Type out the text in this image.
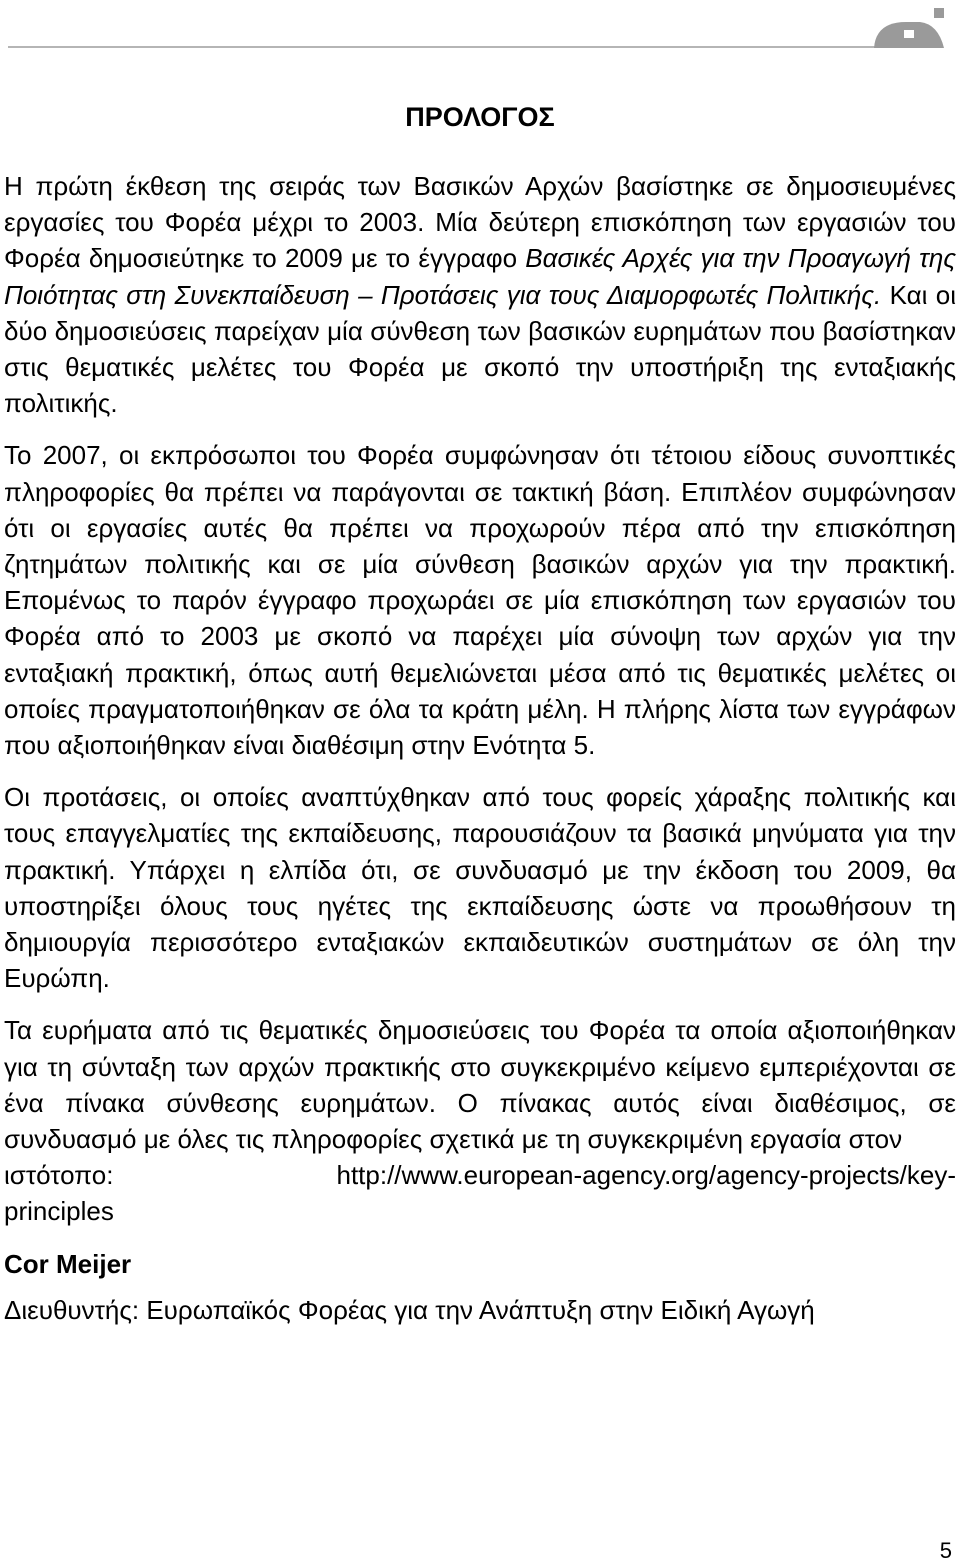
ΠΡΟΛΟΓΟΣ

Η πρώτη έκθεση της σειράς των Βασικών Αρχών βασίστηκε σε δημοσιευμένες εργασίες του Φορέα μέχρι το 2003. Μία δεύτερη επισκόπηση των εργασιών του Φορέα δημοσιεύτηκε το 2009 με το έγγραφο Βασικές Αρχές για την Προαγωγή της Ποιότητας στη Συνεκπαίδευση – Προτάσεις για τους Διαμορφωτές Πολιτικής. Και οι δύο δημοσιεύσεις παρείχαν μία σύνθεση των βασικών ευρημάτων που βασίστηκαν στις θεματικές μελέτες του Φορέα με σκοπό την υποστήριξη της ενταξιακής πολιτικής.

Το 2007, οι εκπρόσωποι του Φορέα συμφώνησαν ότι τέτοιου είδους συνοπτικές πληροφορίες θα πρέπει να παράγονται σε τακτική βάση. Επιπλέον συμφώνησαν ότι οι εργασίες αυτές θα πρέπει να προχωρούν πέρα από την επισκόπηση ζητημάτων πολιτικής και σε μία σύνθεση βασικών αρχών για την πρακτική. Επομένως το παρόν έγγραφο προχωράει σε μία επισκόπηση των εργασιών του Φορέα από το 2003 με σκοπό να παρέχει μία σύνοψη των αρχών για την ενταξιακή πρακτική, όπως αυτή θεμελιώνεται μέσα από τις θεματικές μελέτες οι οποίες πραγματοποιήθηκαν σε όλα τα κράτη μέλη. Η πλήρης λίστα των εγγράφων που αξιοποιήθηκαν είναι διαθέσιμη στην Ενότητα 5.

Οι προτάσεις, οι οποίες αναπτύχθηκαν από τους φορείς χάραξης πολιτικής και τους επαγγελματίες της εκπαίδευσης, παρουσιάζουν τα βασικά μηνύματα για την πρακτική. Υπάρχει η ελπίδα ότι, σε συνδυασμό με την έκδοση του 2009, θα υποστηρίξει όλους τους ηγέτες της εκπαίδευσης ώστε να προωθήσουν τη δημιουργία περισσότερο ενταξιακών εκπαιδευτικών συστημάτων σε όλη την Ευρώπη.

Τα ευρήματα από τις θεματικές δημοσιεύσεις του Φορέα τα οποία αξιοποιήθηκαν για τη σύνταξη των αρχών πρακτικής στο συγκεκριμένο κείμενο εμπεριέχονται σε ένα πίνακα σύνθεσης ευρημάτων. Ο πίνακας αυτός είναι διαθέσιμος, σε συνδυασμό με όλες τις πληροφορίες σχετικά με τη συγκεκριμένη εργασία στον
ιστότοπο:	http://www.european-agency.org/agency-projects/key-
principles

Cor Meijer

Διευθυντής: Ευρωπαϊκός Φορέας για την Ανάπτυξη στην Ειδική Αγωγή

5
